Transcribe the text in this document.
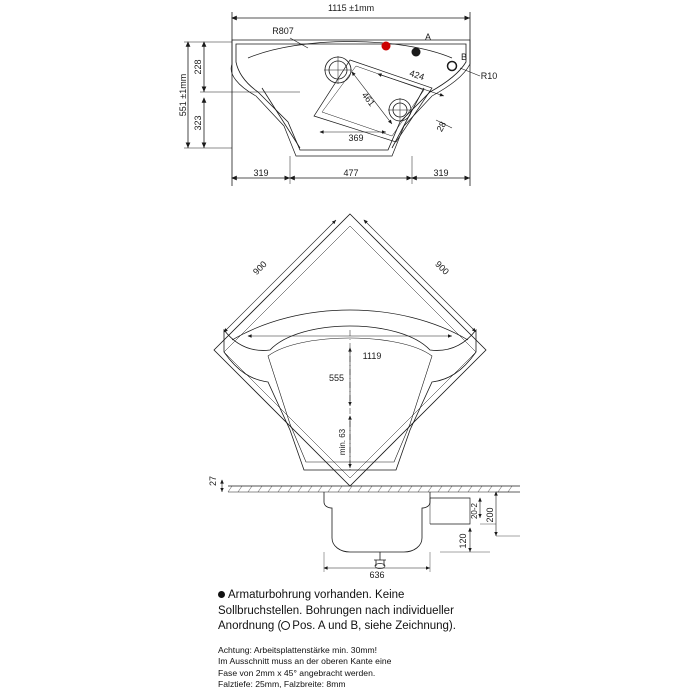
1115 ±1mm
551 ±1mm
228
323
R807
R10
A
B
424
461
369
28
319	477	319
900	900
1119
555
min. 63
27
20-2 200
120
636
Armaturbohrung vorhanden. Keine
Sollbruchstellen. Bohrungen nach individueller
Anordnung ( Pos. A und B, siehe Zeichnung).
Achtung: Arbeitsplattenstärke min. 30mm!
Im Ausschnitt muss an der oberen Kante eine
Fase von 2mm x 45° angebracht werden.
Falztiefe: 25mm, Falzbreite: 8mm
